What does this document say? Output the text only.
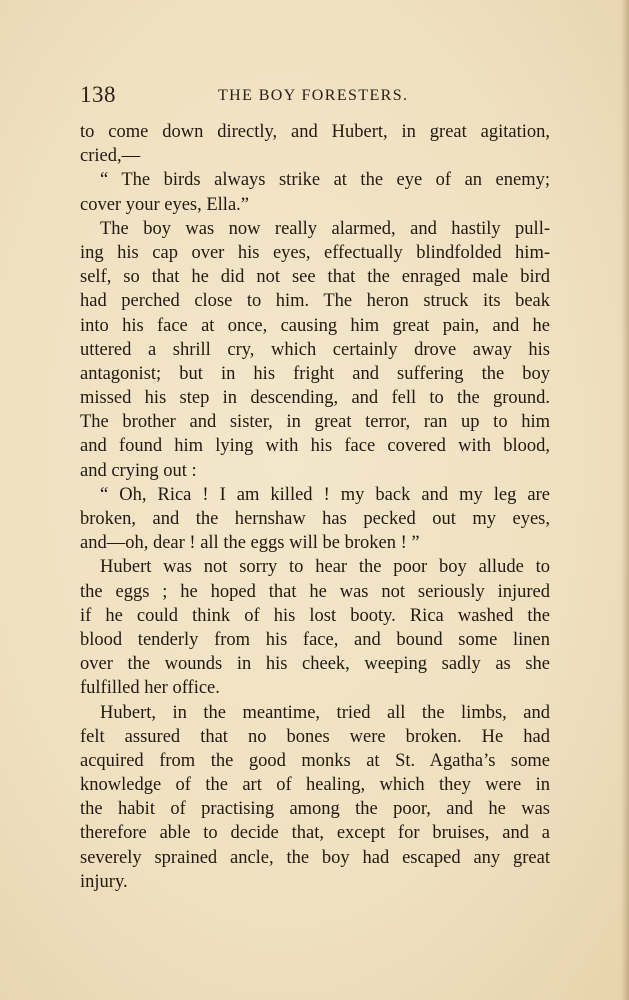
138	THE BOY FORESTERS.
to come down directly, and Hubert, in great agitation,
cried,—
“ The birds always strike at the eye of an enemy;
cover your eyes, Ella.”
The boy was now really alarmed, and hastily pull-
ing his cap over his eyes, effectually blindfolded him-
self, so that he did not see that the enraged male bird
had perched close to him. The heron struck its beak
into his face at once, causing him great pain, and he
uttered a shrill cry, which certainly drove away his
antagonist; but in his fright and suffering the boy
missed his step in descending, and fell to the ground.
The brother and sister, in great terror, ran up to him
and found him lying with his face covered with blood,
and crying out :
“ Oh, Rica ! I am killed ! my back and my leg are
broken, and the hernshaw has pecked out my eyes,
and—oh, dear ! all the eggs will be broken ! ”
Hubert was not sorry to hear the poor boy allude to
the eggs ; he hoped that he was not seriously injured
if he could think of his lost booty. Rica washed the
blood tenderly from his face, and bound some linen
over the wounds in his cheek, weeping sadly as she
fulfilled her office.
Hubert, in the meantime, tried all the limbs, and
felt assured that no bones were broken. He had
acquired from the good monks at St. Agatha’s some
knowledge of the art of healing, which they were in
the habit of practising among the poor, and he was
therefore able to decide that, except for bruises, and a
severely sprained ancle, the boy had escaped any great
injury.
